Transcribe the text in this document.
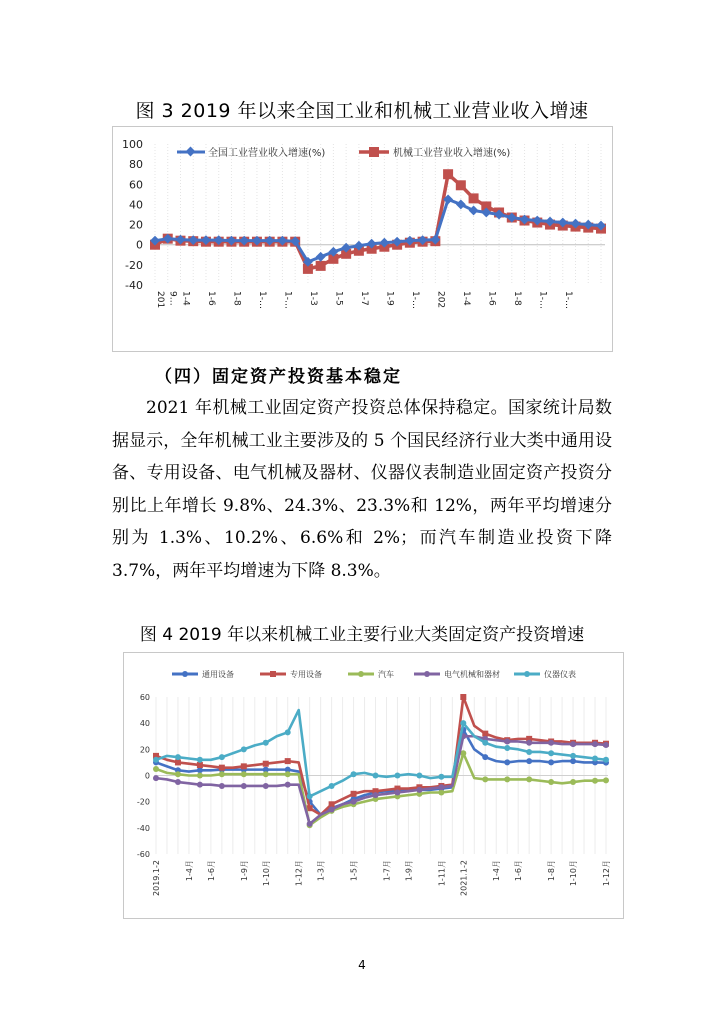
图 3 2019 年以来全国工业和机械工业营业收入增速
100
80
60
40
20
0
-20
-40
201 1-4 1-6 1-8 1-… 1-… 1-3 1-5 1-7 1-9 1-… 202 1-4 1-6 1-8 1-… 1-…
9…
全国工业营业收入增速(%)	机械工业营业收入增速(%)
（四）固定资产投资基本稳定

2021 年机械工业固定资产投资总体保持稳定。国家统计局数据显示，全年机械工业主要涉及的 5 个国民经济行业大类中通用设备、专用设备、电气机械及器材、仪器仪表制造业固定资产投资分别比上年增长 9.8%、24.3%、23.3%和 12%，两年平均增速分别为 1.3%、10.2%、6.6%和 2%；而汽车制造业投资下降 3.7%，两年平均增速为下降 8.3%。

图 4 2019 年以来机械工业主要行业大类固定资产投资增速
60
40
20
0
-20
-40
-60
2019.1-2	1-4月 1-6月	1-9月 1-10月	1-12月 1-3月	1-5月	1-7月 1-9月	1-11月 2021.1-2	1-4月 1-6月	1-8月 1-10月	1-12月
通用设备	专用设备	汽车	电气机械和器材	仪器仪表
4
